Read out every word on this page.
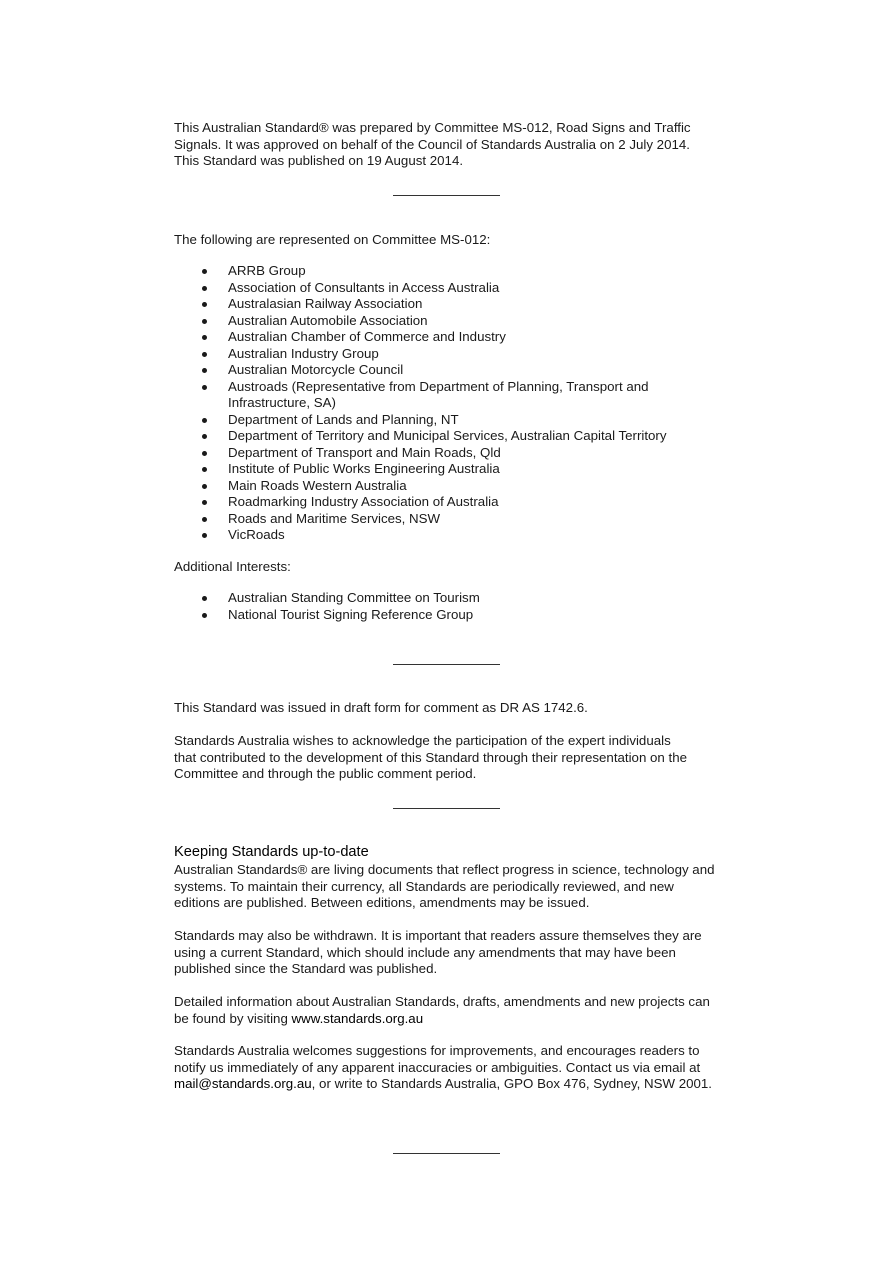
This Australian Standard® was prepared by Committee MS-012, Road Signs and Traffic

Signals. It was approved on behalf of the Council of Standards Australia on 2 July 2014.

This Standard was published on 19 August 2014.

The following are represented on Committee MS-012:

ARRB Group
Association of Consultants in Access Australia
Australasian Railway Association
Australian Automobile Association
Australian Chamber of Commerce and Industry
Australian Industry Group
Australian Motorcycle Council
Austroads (Representative from Department of Planning, Transport and Infrastructure, SA)
Department of Lands and Planning, NT
Department of Territory and Municipal Services, Australian Capital Territory
Department of Transport and Main Roads, Qld
Institute of Public Works Engineering Australia
Main Roads Western Australia
Roadmarking Industry Association of Australia
Roads and Maritime Services, NSW
VicRoads

Additional Interests:

Australian Standing Committee on Tourism
National Tourist Signing Reference Group

This Standard was issued in draft form for comment as DR AS 1742.6.

Standards Australia wishes to acknowledge the participation of the expert individuals that contributed to the development of this Standard through their representation on the Committee and through the public comment period.

Keeping Standards up-to-date

Australian Standards® are living documents that reflect progress in science, technology and systems. To maintain their currency, all Standards are periodically reviewed, and new editions are published. Between editions, amendments may be issued.

Standards may also be withdrawn. It is important that readers assure themselves they are using a current Standard, which should include any amendments that may have been published since the Standard was published.

Detailed information about Australian Standards, drafts, amendments and new projects can be found by visiting www.standards.org.au

Standards Australia welcomes suggestions for improvements, and encourages readers to notify us immediately of any apparent inaccuracies or ambiguities. Contact us via email at mail@standards.org.au, or write to Standards Australia, GPO Box 476, Sydney, NSW 2001.
